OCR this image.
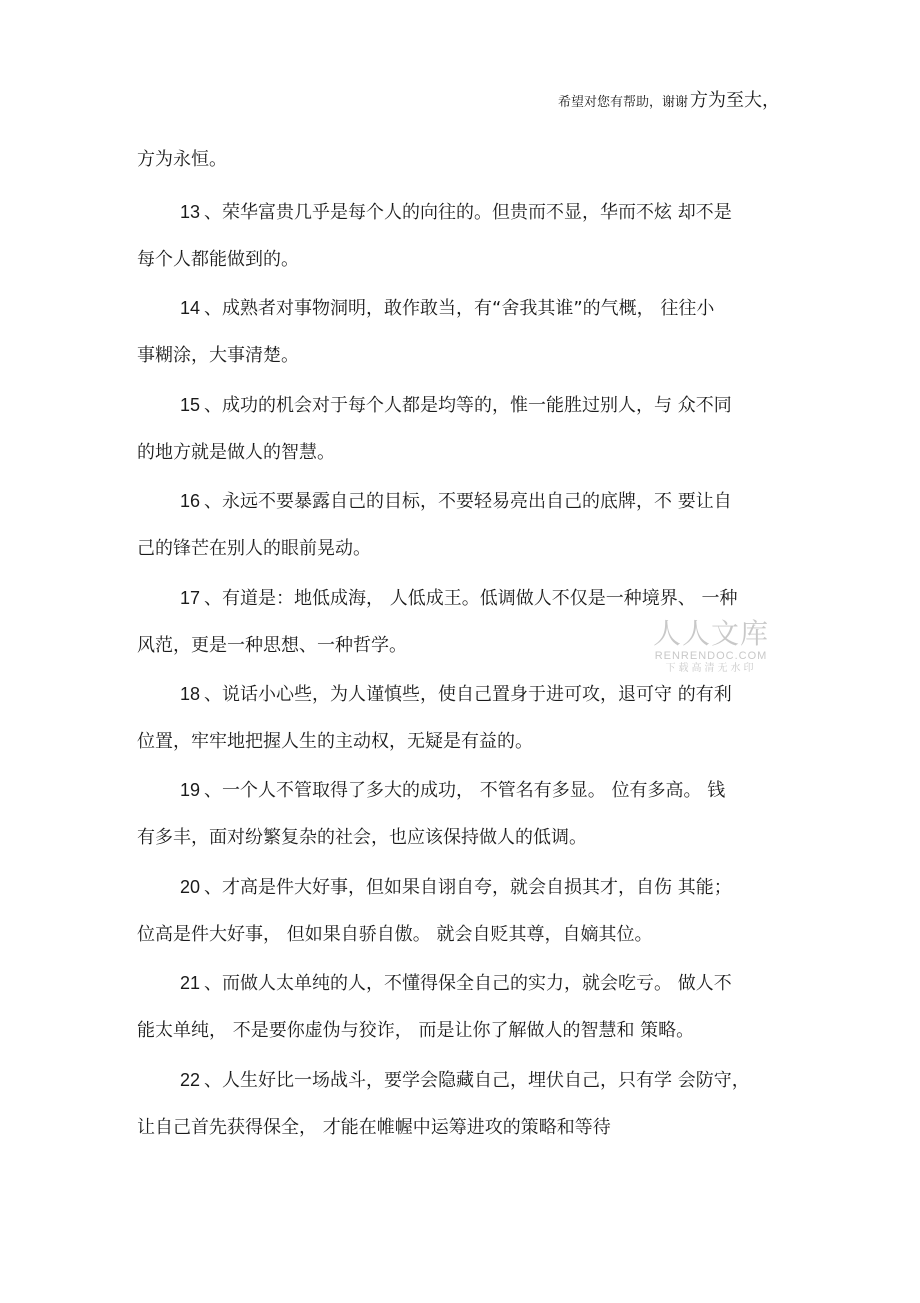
希望对您有帮助，谢谢 方为至大，
方为永恒。
13 、荣华富贵几乎是每个人的向往的。但贵而不显，华而不炫 却不是
每个人都能做到的。
14 、成熟者对事物洞明，敢作敢当，有“舍我其谁”的气概， 往往小
事糊涂，大事清楚。
15 、成功的机会对于每个人都是均等的，惟一能胜过别人，与 众不同
的地方就是做人的智慧。
16 、永远不要暴露自己的目标，不要轻易亮出自己的底牌，不 要让自
己的锋芒在别人的眼前晃动。
17 、有道是：地低成海， 人低成王。低调做人不仅是一种境界、 一种
风范，更是一种思想、一种哲学。
18 、说话小心些，为人谨慎些，使自己置身于进可攻，退可守 的有利
位置，牢牢地把握人生的主动权，无疑是有益的。
19 、一个人不管取得了多大的成功， 不管名有多显。 位有多高。 钱
有多丰，面对纷繁复杂的社会，也应该保持做人的低调。
20 、才高是件大好事，但如果自诩自夸，就会自损其才，自伤 其能；
位高是件大好事， 但如果自骄自傲。 就会自贬其尊，自嫡其位。
21 、而做人太单纯的人，不懂得保全自己的实力，就会吃亏。 做人不
能太单纯， 不是要你虚伪与狡诈， 而是让你了解做人的智慧和 策略。
22 、人生好比一场战斗，要学会隐藏自己，埋伏自己，只有学 会防守，
让自己首先获得保全， 才能在帷幄中运筹进攻的策略和等待
人人文库
RENRENDOC.COM
下载高清无水印
